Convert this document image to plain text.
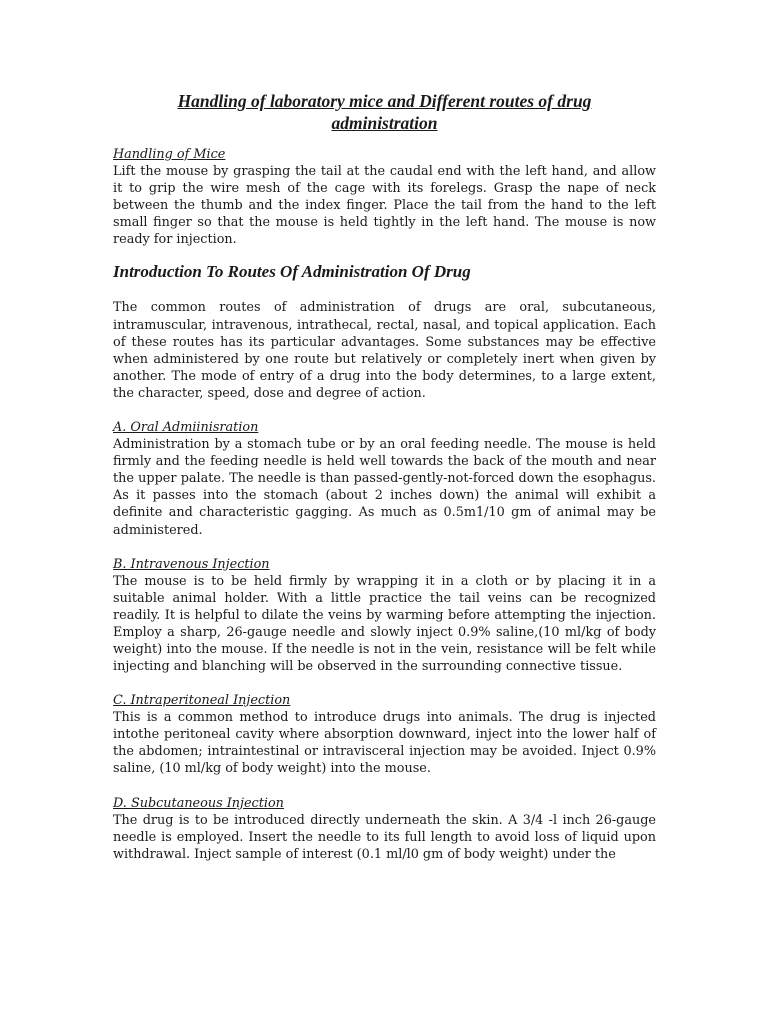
Handling of laboratory mice and Different routes of drug
administration

Handling of Mice

Lift the mouse by grasping the tail at the caudal end with the left hand, and allow it to grip the wire mesh of the cage with its forelegs. Grasp the nape of neck between the thumb and the index finger. Place the tail from the hand to the left small finger so that the mouse is held tightly in the left hand. The mouse is now ready for injection.

Introduction To Routes Of Administration Of Drug

The common routes of administration of drugs are oral, subcutaneous, intramuscular, intravenous, intrathecal, rectal, nasal, and topical application. Each of these routes has its particular advantages. Some substances may be effective when administered by one route but relatively or completely inert when given by another. The mode of entry of a drug into the body determines, to a large extent, the character, speed, dose and degree of action.

A. Oral Admiinisration

Administration by a stomach tube or by an oral feeding needle. The mouse is held firmly and the feeding needle is held well towards the back of the mouth and near the upper palate. The needle is than passed-gently-not-forced down the esophagus. As it passes into the stomach (about 2 inches down) the animal will exhibit a definite and characteristic gagging. As much as 0.5m1/10 gm of animal may be administered.

B. Intravenous Injection

The mouse is to be held firmly by wrapping it in a cloth or by placing it in a suitable animal holder. With a little practice the tail veins can be recognized readily. It is helpful to dilate the veins by warming before attempting the injection. Employ a sharp, 26-gauge needle and slowly inject 0.9% saline,(10 ml/kg of body weight) into the mouse. If the needle is not in the vein, resistance will be felt while injecting and blanching will be observed in the surrounding connective tissue.

C. Intraperitoneal Injection

This is a common method to introduce drugs into animals. The drug is injected intothe peritoneal cavity where absorption downward, inject into the lower half of the abdomen; intraintestinal or intravisceral injection may be avoided. Inject 0.9% saline, (10 ml/kg of body weight) into the mouse.

D. Subcutaneous Injection

The drug is to be introduced directly underneath the skin. A 3/4 -l inch 26-gauge needle is employed. Insert the needle to its full length to avoid loss of liquid upon withdrawal. Inject sample of interest (0.1 ml/l0 gm of body weight) under the
